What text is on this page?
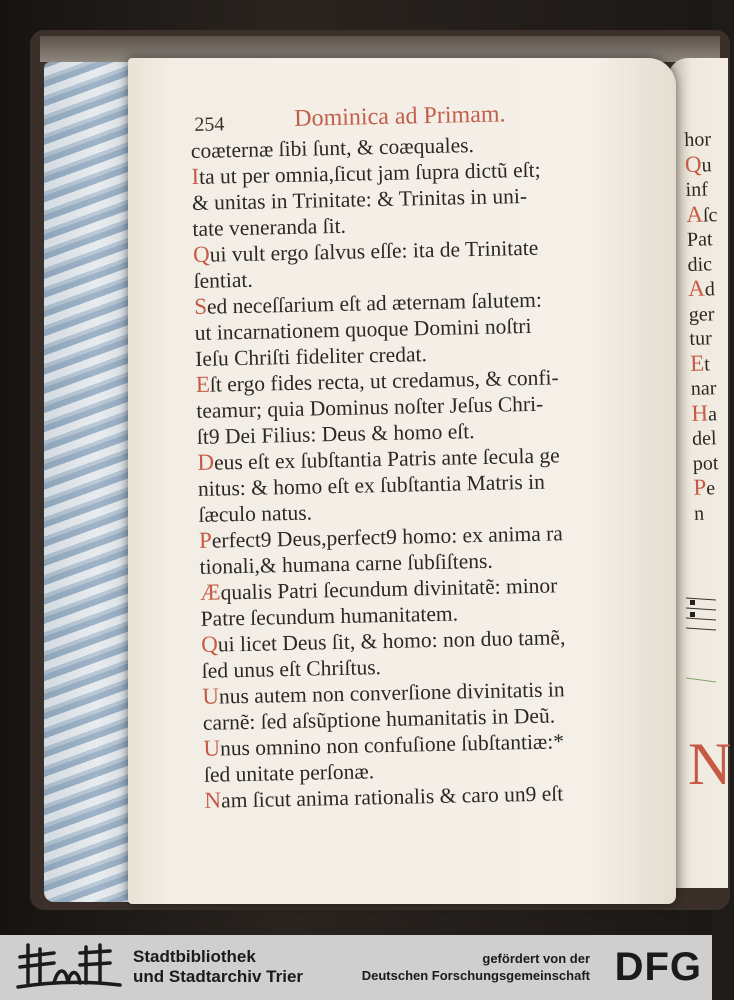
254	Dominica ad Primam.
coæternæ ſibi ſunt, & coæquales.
Ita ut per omnia,ſicut jam ſupra dictũ eſt;
& unitas in Trinitate: & Trinitas in uni-
tate veneranda ſit.
Qui vult ergo ſalvus eſſe: ita de Trinitate
ſentiat.
Sed neceſſarium eſt ad æternam ſalutem:
ut incarnationem quoque Domini noſtri
Ieſu Chriſti fideliter credat.
Eſt ergo fides recta, ut credamus, & confi-
teamur; quia Dominus noſter Jeſus Chri-
ſt9 Dei Filius: Deus & homo eſt.
Deus eſt ex ſubſtantia Patris ante ſecula ge
nitus: & homo eſt ex ſubſtantia Matris in
ſæculo natus.
Perfect9 Deus,perfect9 homo: ex anima ra
tionali,& humana carne ſubſiſtens.
Æqualis Patri ſecundum divinitatẽ: minor
Patre ſecundum humanitatem.
Qui licet Deus ſit, & homo: non duo tamẽ,
ſed unus eſt Chriſtus.
Unus autem non converſione divinitatis in
carnẽ: ſed aſsũptione humanitatis in Deũ.
Unus omnino non confuſione ſubſtantiæ:*
ſed unitate perſonæ.
Nam ſicut anima rationalis & caro un9 eſt
hor
Qu
inf
Aſc
Pat
dic
Ad
ger
tur
Et
nar
Ha
del
pot
Pe
n
N
Stadtbibliothek
und Stadtarchiv Trier
gefördert von der
Deutschen Forschungsgemeinschaft DFG
